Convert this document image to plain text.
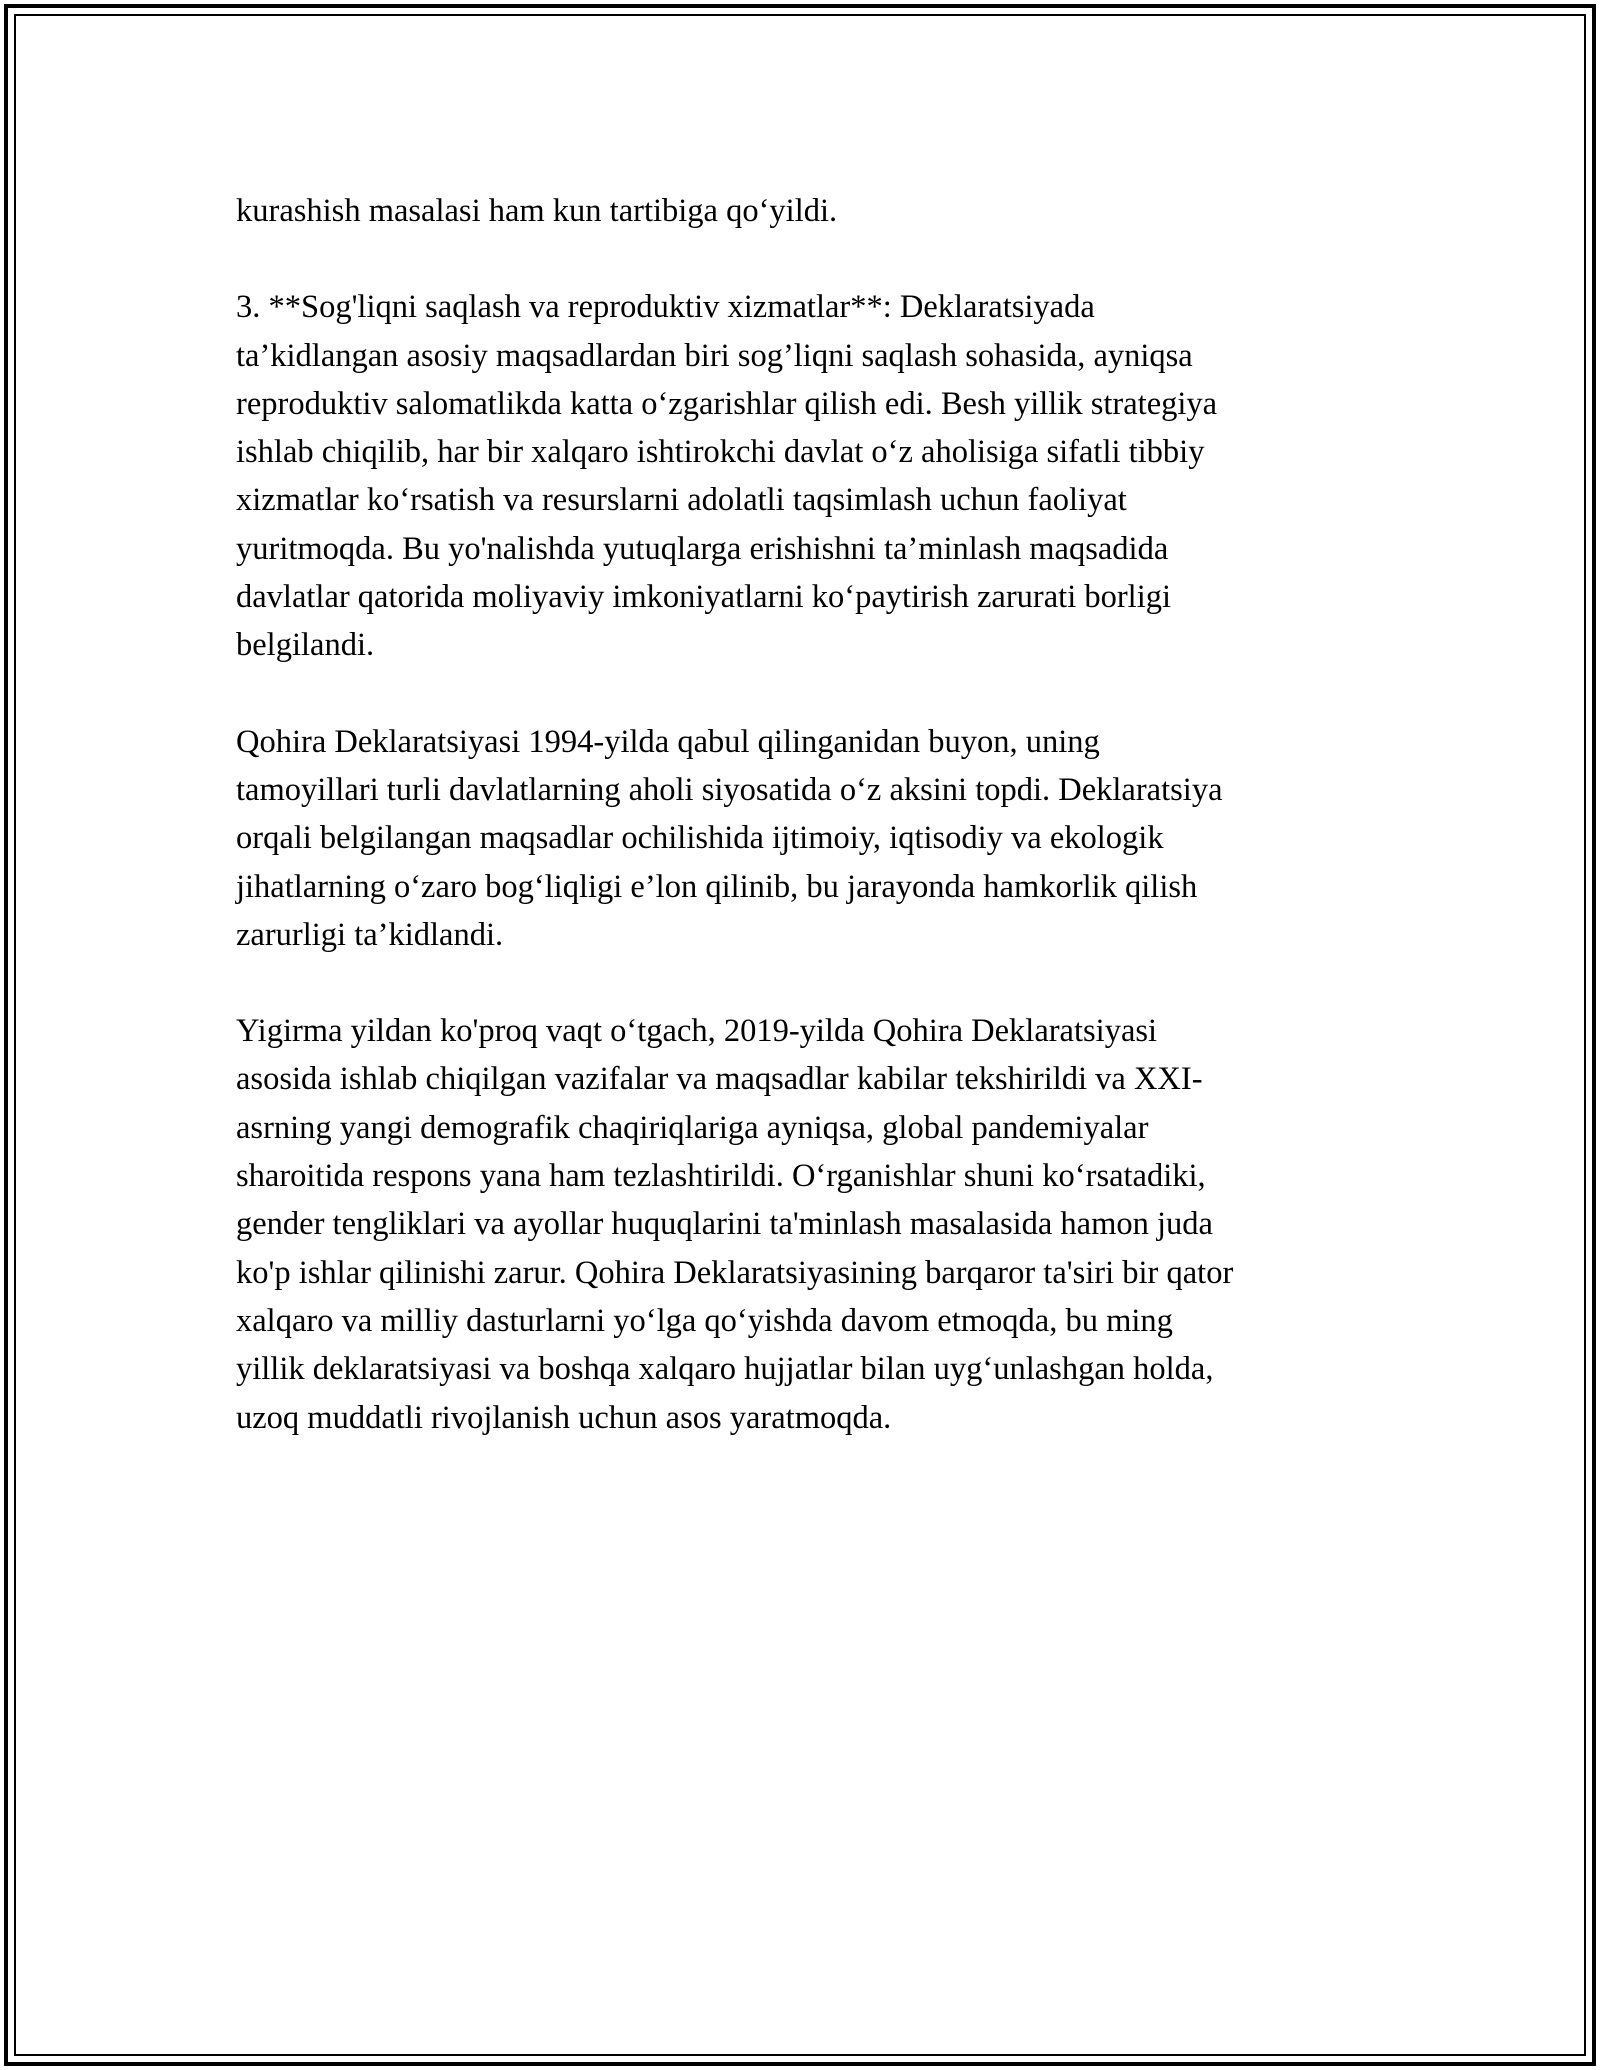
kurashish masalasi ham kun tartibiga qo‘yildi.

3. **Sog'liqni saqlash va reproduktiv xizmatlar**: Deklaratsiyada
ta’kidlangan asosiy maqsadlardan biri sog’liqni saqlash sohasida, ayniqsa
reproduktiv salomatlikda katta o‘zgarishlar qilish edi. Besh yillik strategiya
ishlab chiqilib, har bir xalqaro ishtirokchi davlat o‘z aholisiga sifatli tibbiy
xizmatlar ko‘rsatish va resurslarni adolatli taqsimlash uchun faoliyat
yuritmoqda. Bu yo'nalishda yutuqlarga erishishni ta’minlash maqsadida
davlatlar qatorida moliyaviy imkoniyatlarni ko‘paytirish zarurati borligi
belgilandi.

Qohira Deklaratsiyasi 1994-yilda qabul qilinganidan buyon, uning
tamoyillari turli davlatlarning aholi siyosatida o‘z aksini topdi. Deklaratsiya
orqali belgilangan maqsadlar ochilishida ijtimoiy, iqtisodiy va ekologik
jihatlarning o‘zaro bog‘liqligi e’lon qilinib, bu jarayonda hamkorlik qilish
zarurligi ta’kidlandi.

Yigirma yildan ko'proq vaqt o‘tgach, 2019-yilda Qohira Deklaratsiyasi
asosida ishlab chiqilgan vazifalar va maqsadlar kabilar tekshirildi va XXI-
asrning yangi demografik chaqiriqlariga ayniqsa, global pandemiyalar
sharoitida respons yana ham tezlashtirildi. O‘rganishlar shuni ko‘rsatadiki,
gender tengliklari va ayollar huquqlarini ta'minlash masalasida hamon juda
ko'p ishlar qilinishi zarur. Qohira Deklaratsiyasining barqaror ta'siri bir qator
xalqaro va milliy dasturlarni yo‘lga qo‘yishda davom etmoqda, bu ming
yillik deklaratsiyasi va boshqa xalqaro hujjatlar bilan uyg‘unlashgan holda,
uzoq muddatli rivojlanish uchun asos yaratmoqda.
